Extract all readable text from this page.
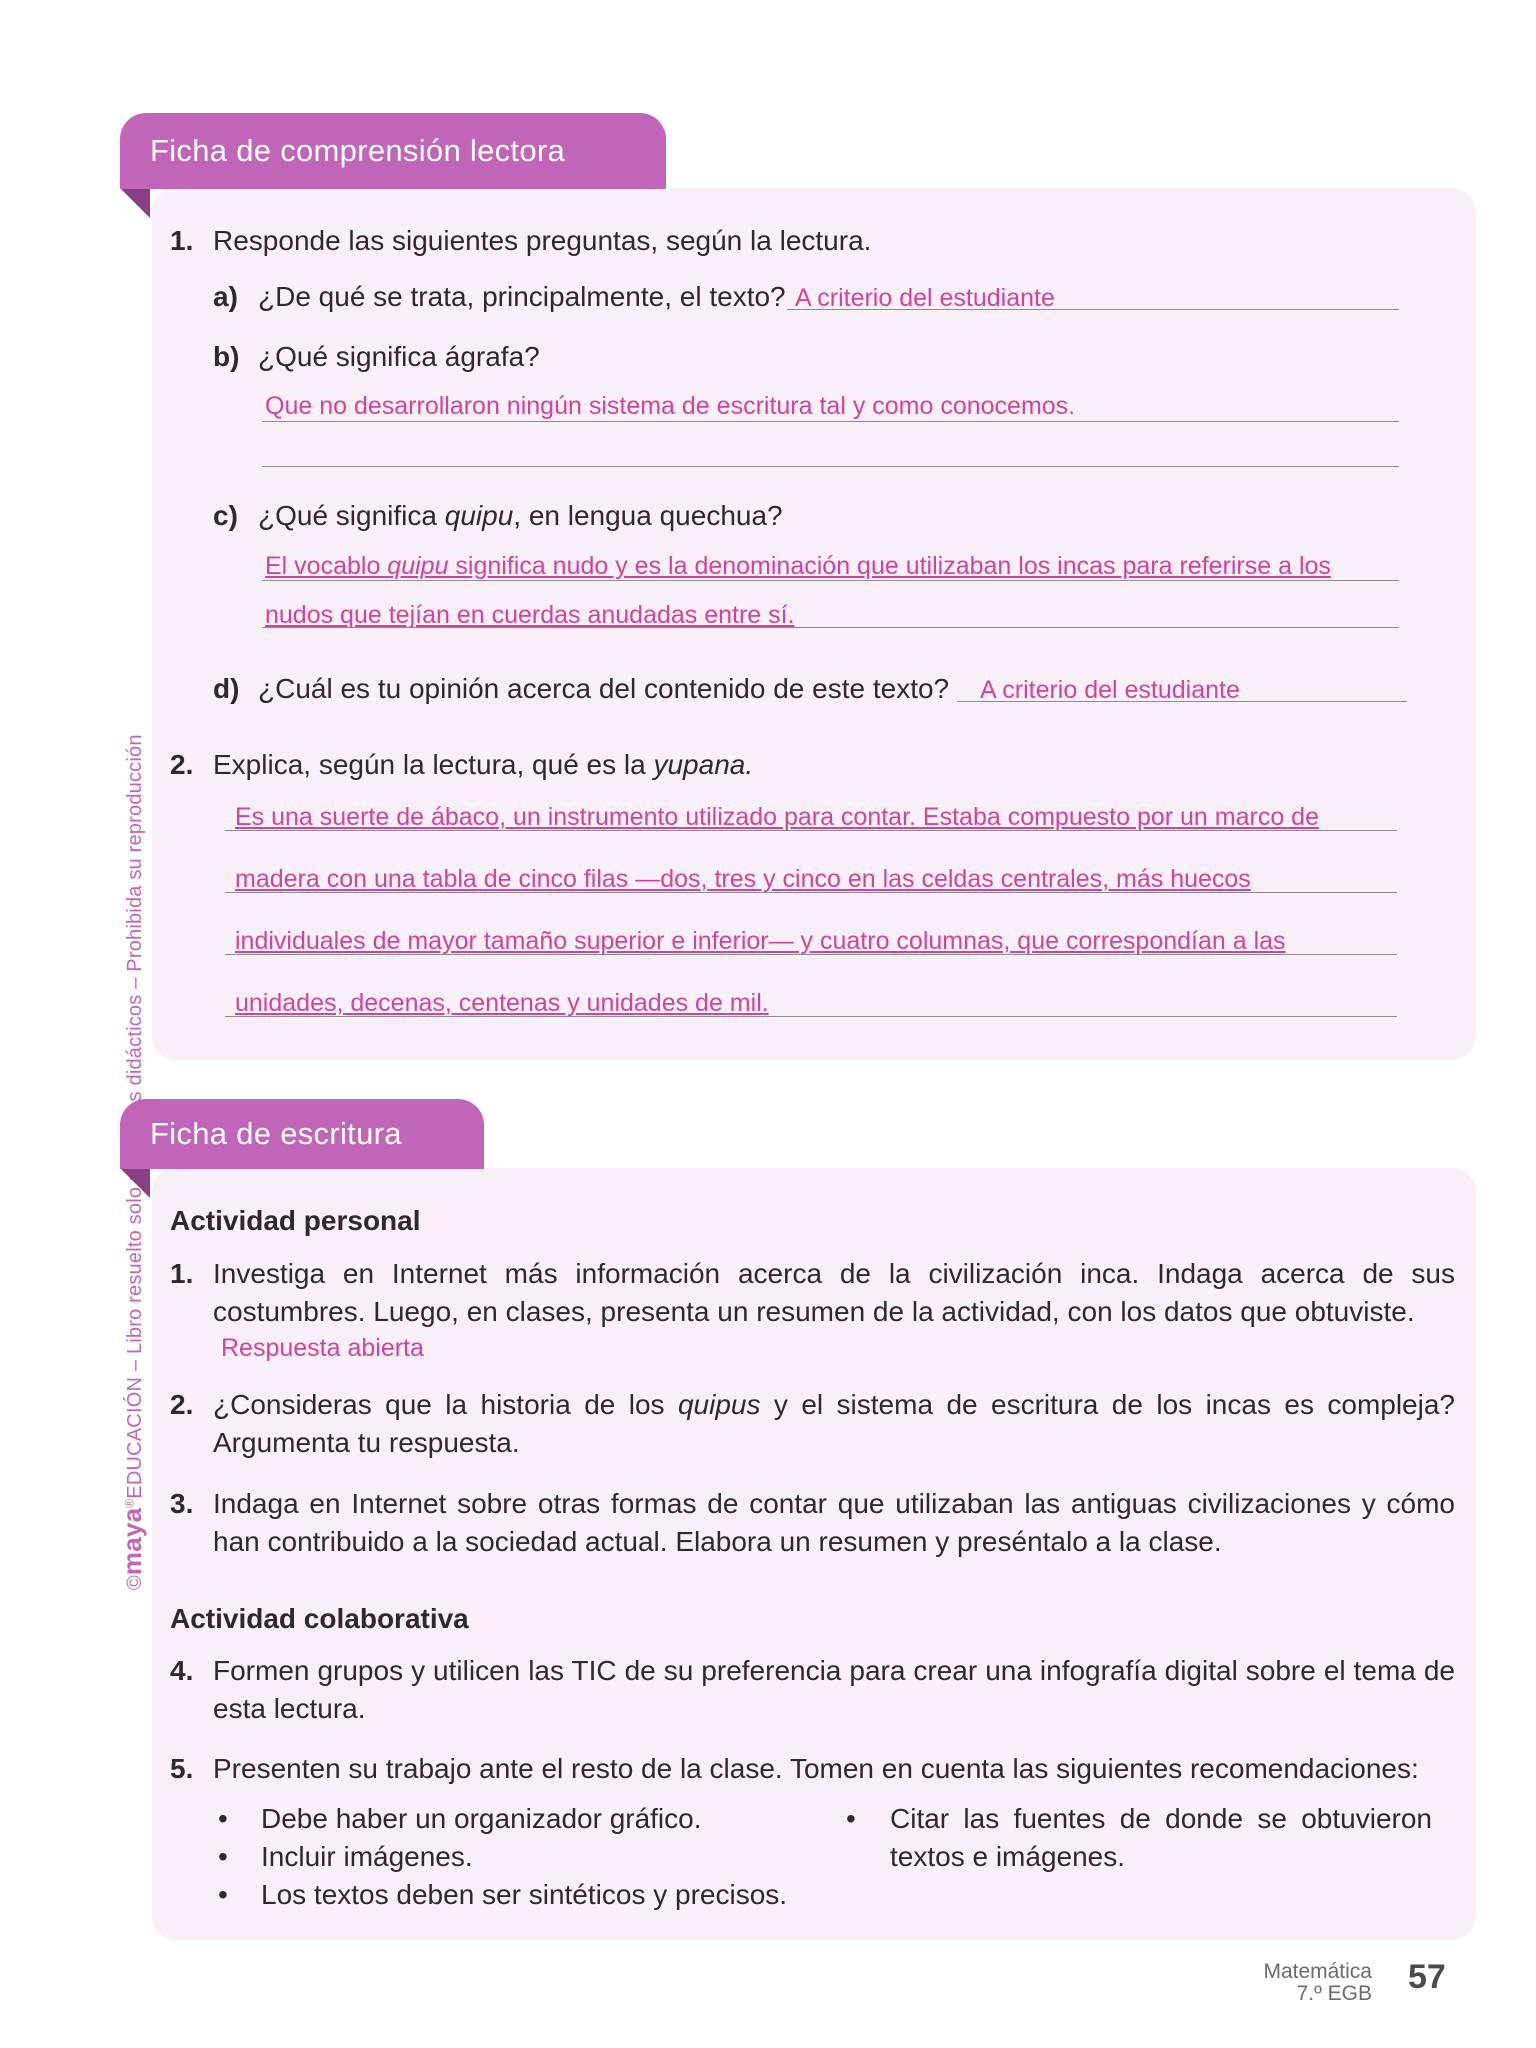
©maya®
Ficha de comprensión lectora
1. Responde las siguientes preguntas, según la lectura.
a) ¿De qué se trata, principalmente, el texto? A criterio del estudiante
b) ¿Qué significa ágrafa?
Que no desarrollaron ningún sistema de escritura tal y como conocemos.
c) ¿Qué significa quipu, en lengua quechua?
El vocablo quipu significa nudo y es la denominación que utilizaban los incas para referirse a los
nudos que tejían en cuerdas anudadas entre sí.
d) ¿Cuál es tu opinión acerca del contenido de este texto? A criterio del estudiante
2. Explica, según la lectura, qué es la yupana.
Es una suerte de ábaco, un instrumento utilizado para contar. Estaba compuesto por un marco de
madera con una tabla de cinco filas —dos, tres y cinco en las celdas centrales, más huecos
individuales de mayor tamaño superior e inferior— y cuatro columnas, que correspondían a las
unidades, decenas, centenas y unidades de mil.
Ficha de escritura
Actividad personal
1. Investiga en Internet más información acerca de la civilización inca. Indaga acerca de sus costumbres. Luego, en clases, presenta un resumen de la actividad, con los datos que obtuviste.
Respuesta abierta
2. ¿Consideras que la historia de los quipus y el sistema de escritura de los incas es compleja? Argumenta tu respuesta.
3. Indaga en Internet sobre otras formas de contar que utilizaban las antiguas civilizaciones y cómo han contribuido a la sociedad actual. Elabora un resumen y preséntalo a la clase.
Actividad colaborativa
4. Formen grupos y utilicen las TIC de su preferencia para crear una infografía digital sobre el tema de esta lectura.
5. Presenten su trabajo ante el resto de la clase. Tomen en cuenta las siguientes recomendaciones:
• Debe haber un organizador gráfico.
• Incluir imágenes.
• Los textos deben ser sintéticos y precisos.
• Citar las fuentes de donde se obtuvieron textos e imágenes.
Matemática
7.º EGB 57
